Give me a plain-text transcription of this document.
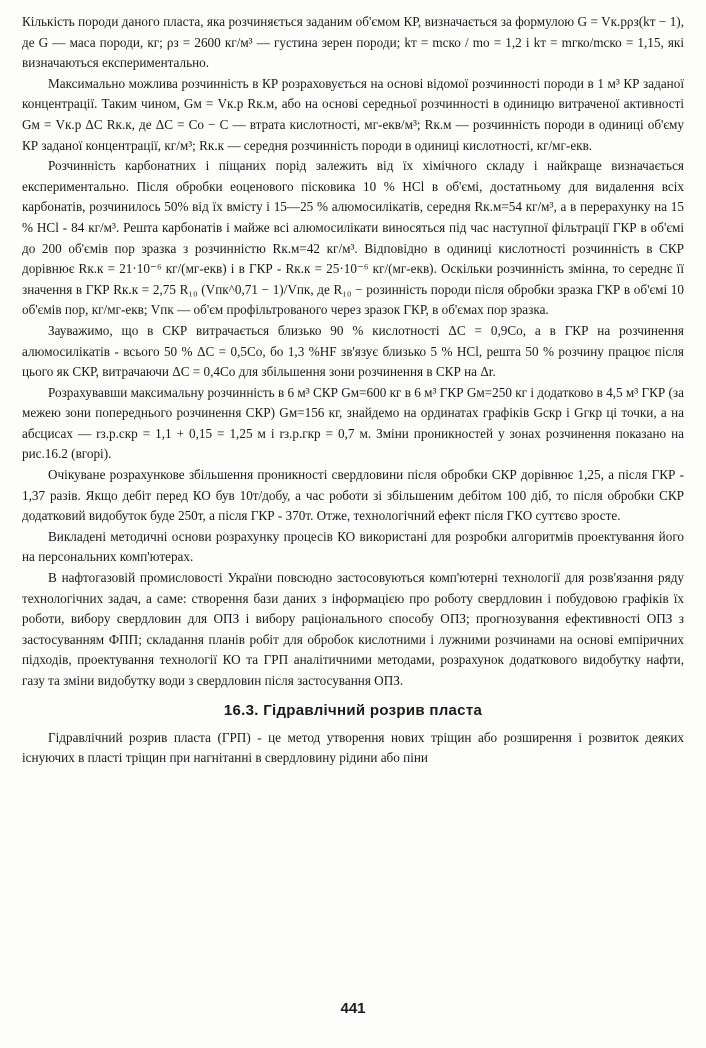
Кількість породи даного пласта, яка розчиняється заданим об'ємом КР, визначається за формулою G = Vк.рρз(kт − 1), де G — маса породи, кг; ρз = 2600 кг/м³ — густина зерен породи; kт = mско / mо = 1,2 і kт = mгко/mско = 1,15, які визначаються експериментально.

Максимально можлива розчинність в КР розраховується на основі відомої розчинності породи в 1 м³ КР заданої концентрації. Таким чином, Gм = Vк.р Rк.м, або на основі середньої розчинності в одиницю витраченої активності Gм = Vк.р ΔC Rк.к, де ΔC = Cо − C — втрата кислотності, мг-екв/м³; Rк.м — розчинність породи в одиниці об'єму КР заданої концентрації, кг/м³; Rк.к — середня розчинність породи в одиниці кислотності, кг/мг-екв.

Розчинність карбонатних і піщаних порід залежить від їх хімічного складу і найкраще визначається експериментально. Після обробки еоценового пісковика 10 % HCl в об'ємі, достатньому для видалення всіх карбонатів, розчинилось 50% від їх вмісту і 15—25 % алюмосилікатів, середня Rк.м=54 кг/м³, а в перерахунку на 15 % HCl - 84 кг/м³. Решта карбонатів і майже всі алюмосилікати виносяться під час наступної фільтрації ГКР в об'ємі до 200 об'ємів пор зразка з розчинністю Rк.м=42 кг/м³. Відповідно в одиниці кислотності розчинність в СКР дорівнює Rк.к = 21·10⁻⁶ кг/(мг-екв) і в ГКР - Rк.к = 25·10⁻⁶ кг/(мг-екв). Оскільки розчинність змінна, то середнє її значення в ГКР Rк.к = 2,75 R₁₀ (Vпк^0,71 − 1)/Vпк, де R₁₀ − розинність породи після обробки зразка ГКР в об'ємі 10 об'ємів пор, кг/мг-екв; Vпк — об'єм профільтрованого через зразок ГКР, в об'ємах пор зразка.

Зауважимо, що в СКР витрачається близько 90 % кислотності ΔC = 0,9Cо, а в ГКР на розчинення алюмосилікатів - всього 50 % ΔC = 0,5Cо, бо 1,3 %HF зв'язує близько 5 % HCl, решта 50 % розчину працює після цього як СКР, витрачаючи ΔC = 0,4Cо для збільшення зони розчинення в СКР на Δr.

Розрахувавши максимальну розчинність в 6 м³ СКР Gм=600 кг в 6 м³ ГКР Gм=250 кг і додатково в 4,5 м³ ГКР (за межею зони попереднього розчинення СКР) Gм=156 кг, знайдемо на ординатах графіків Gскр і Gгкр ці точки, а на абсцисах — rз.р.скр = 1,1 + 0,15 = 1,25 м і rз.р.гкр = 0,7 м. Зміни проникностей у зонах розчинення показано на рис.16.2 (вгорі).

Очікуване розрахункове збільшення проникності свердловини після обробки СКР дорівнює 1,25, а після ГКР - 1,37 разів. Якщо дебіт перед КО був 10т/добу, а час роботи зі збільшеним дебітом 100 діб, то після обробки СКР додатковий видобуток буде 250т, а після ГКР - 370т. Отже, технологічний ефект після ГКО суттєво зросте.

Викладені методичні основи розрахунку процесів КО використані для розробки алгоритмів проектування його на персональних комп'ютерах.

В нафтогазовій промисловості України повсюдно застосовуються комп'ютерні технології для розв'язання ряду технологічних задач, а саме: створення бази даних з інформацією про роботу свердловин і побудовою графіків їх роботи, вибору свердловин для ОПЗ і вибору раціонального способу ОПЗ; прогнозування ефективності ОПЗ з застосуванням ФПП; складання планів робіт для обробок кислотними і лужними розчинами на основі емпіричних підходів, проектування технології КО та ГРП аналітичними методами, розрахунок додаткового видобутку нафти, газу та зміни видобутку води з свердловин після застосування ОПЗ.

16.3. Гідравлічний розрив пласта

Гідравлічний розрив пласта (ГРП) - це метод утворення нових тріщин або розширення і розвиток деяких існуючих в пласті тріщин при нагнітанні в свердловину рідини або піни

441
